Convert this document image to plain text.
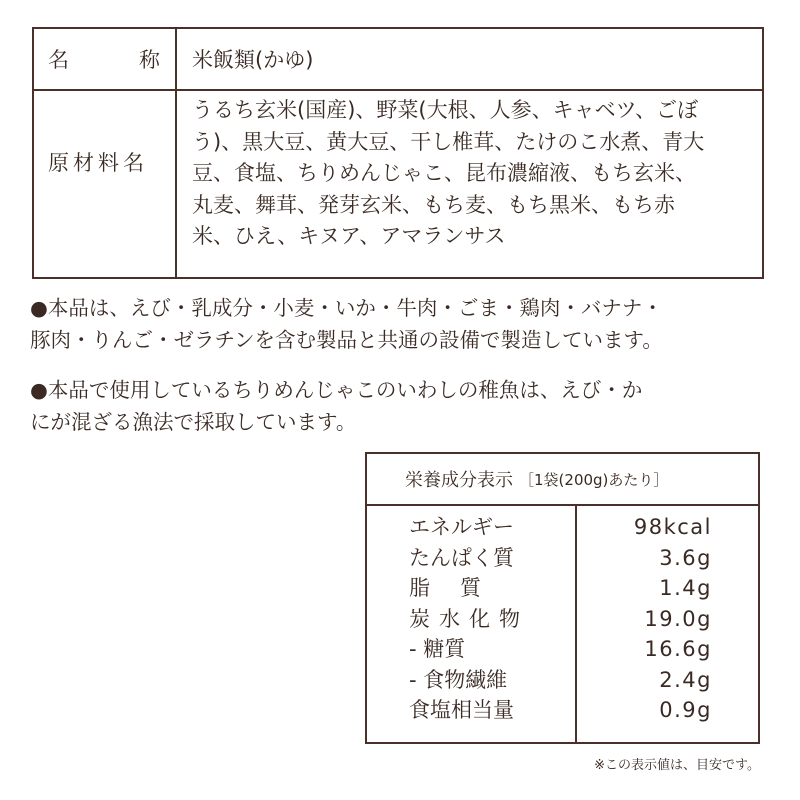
名	称 米飯類(かゆ)
原材料名
うるち玄米(国産)、野菜(大根、人参、キャベツ、ごぼ
う)、黒大豆、黄大豆、干し椎茸、たけのこ水煮、青大
豆、食塩、ちりめんじゃこ、昆布濃縮液、もち玄米、
丸麦、舞茸、発芽玄米、もち麦、もち黒米、もち赤
米、ひえ、キヌア、アマランサス
●本品は、えび・乳成分・小麦・いか・牛肉・ごま・鶏肉・バナナ・
豚肉・りんご・ゼラチンを含む製品と共通の設備で製造しています。
●本品で使用しているちりめんじゃこのいわしの稚魚は、えび・か
にが混ざる漁法で採取しています。
栄養成分表示 ［1袋(200g)あたり］
エネルギー	98kcal
たんぱく質	3.6g
脂質	1.4g
炭水化物	19.0g
- 糖質	16.6g
- 食物繊維	2.4g
食塩相当量	0.9g
※この表示値は、目安です。
